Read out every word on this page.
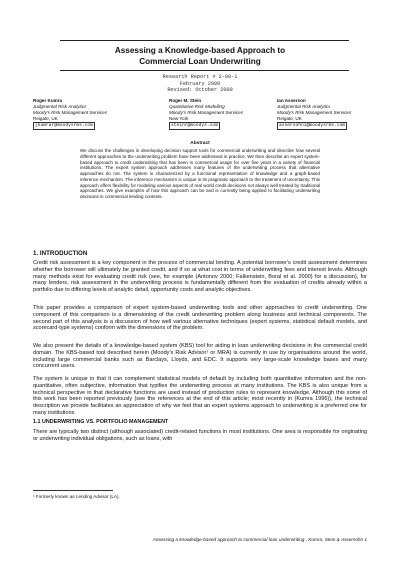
Assessing a Knowledge-based Approach to
Commercial Loan Underwriting
Research Report # 2-00-1
February 2000
Revised: October 2000
Roger Kumra
Judgmental Risk Analytics
Moody's Risk Management Services
Reigate, UK
[kumrar@moodysrms.com
Roger M. Stein
Quantitative Risk Modelling
Moody's Risk Management Services
New York
steinr@moodys.com
Ian Asserson
Judgmental Risk Analytics
Moody's Risk Management Services
Reigate, UK
assersohni@moodysrms.com
Abstract
We discuss the challenges in developing decision support tools for commercial underwriting and describe how several different approaches to the underwriting problem have been addressed in practice. We then describe an expert system-based approach to credit underwriting that has been in commercial usage for over five years in a variety of financial institutions. The expert system approach addresses many features of the underwriting process that alternative approaches do not. The system is characterized by a functional representation of knowledge and a graph-based inference mechanism. The inference mechanism is unique in its pragmatic approach to the treatment of uncertainty. This approach offers flexibility for modeling various aspects of real world credit decisions not always well treated by traditional approaches. We give examples of how this approach can be and is currently being applied to facilitating underwriting decisions in commercial lending contexts.
1. INTRODUCTION

Credit risk assessment is a key component in the process of commercial lending. A potential borrower's credit assessment determines whether the borrower will ultimately be granted credit, and if so at what cost in terms of underwriting fees and interest levels. Although many methods exist for evaluating credit risk (see, for example (Antonov 2000; Falkenstein, Boral et al. 2000) for a discussion), for many lenders, risk assessment in the underwriting process is fundamentally different from the evaluation of credits already within a portfolio due to differing levels of analytic detail, opportunity costs and analytic objectives.

This paper provides a comparison of expert system-based underwriting tools and other approaches to credit underwriting. One component of this comparison is a dimensioning of the credit underwriting problem along business and technical components. The second part of this analysis is a discussion of how well various alternative techniques (expert systems, statistical default models, and scorecard-type systems) conform with the dimensions of the problem.

We also present the details of a knowledge-based system (KBS) tool for aiding in loan underwriting decisions in the commercial credit domain. The KBS-based tool described herein (Moody's Risk Advisor¹ or MRA) is currently in use by organisations around the world, including large commercial banks such as Barclays, Lloyds, and EDC. It supports very large-scale knowledge bases and many concurrent users.

The system is unique in that it can complement statistical models of default by including both quantitative information and the non-quantitative, often subjective, information that typifies the underwriting process at many institutions. The KBS is also unique from a technical perspective in that declarative functions are used instead of production rules to represent knowledge. Although this some of this work has been reported previously (see the references at the end of this article; most recently in (Kumra 1996)), the technical description we provide facilitates an appreciation of why we feel that an expert systems approach to underwriting is a preferred one for many institutions.

1.1 UNDERWRITING VS. PORTFOLIO MANAGEMENT

There are typically two distinct (although associated) credit-related functions in most institutions. One area is responsible for originating or underwriting individual obligations, such as loans, with

¹ Formerly known as Lending Advisor (LA).
Assessing a knowledge-based approach to commercial loan underwriting , Kumra, Stein & Assersohn 1
